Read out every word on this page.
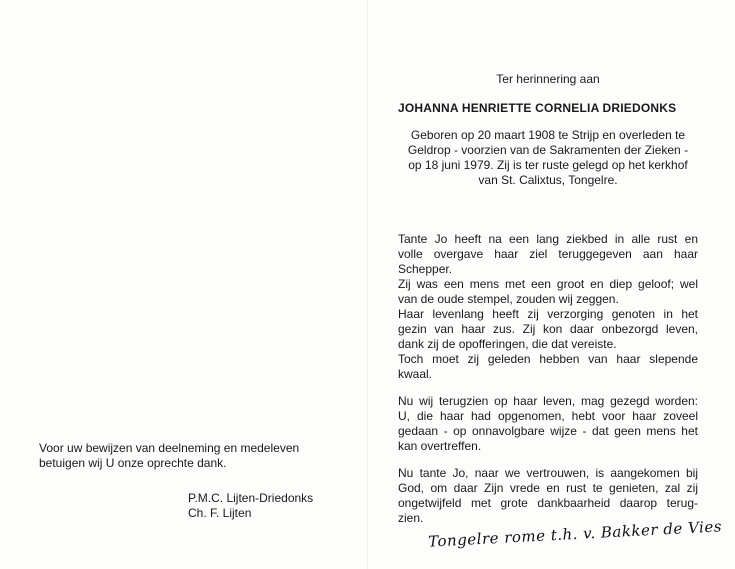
Ter herinnering aan

JOHANNA HENRIETTE CORNELIA DRIEDONKS

Geboren op 20 maart 1908 te Strijp en overleden te
Geldrop - voorzien van de Sakramenten der Zieken -
op 18 juni 1979. Zij is ter ruste gelegd op het kerkhof
van St. Calixtus, Tongelre.

Tante Jo heeft na een lang ziekbed in alle rust en
volle overgave haar ziel teruggegeven aan haar
Schepper.
Zij was een mens met een groot en diep geloof; wel
van de oude stempel, zouden wij zeggen.
Haar levenlang heeft zij verzorging genoten in het
gezin van haar zus. Zij kon daar onbezorgd leven,
dank zij de opofferingen, die dat vereiste.
Toch moet zij geleden hebben van haar slepende
kwaal.

Nu wij terugzien op haar leven, mag gezegd worden:
U, die haar had opgenomen, hebt voor haar zoveel
gedaan - op onnavolgbare wijze - dat geen mens het
kan overtreffen.

Nu tante Jo, naar we vertrouwen, is aangekomen bij
God, om daar Zijn vrede en rust te genieten, zal zij
ongetwijfeld met grote dankbaarheid daarop terug-
zien.

Voor uw bewijzen van deelneming en medeleven
betuigen wij U onze oprechte dank.
P.M.C. Lijten-Driedonks
Ch. F. Lijten
Tongelre rome t.h. v. Bakker de Vies
